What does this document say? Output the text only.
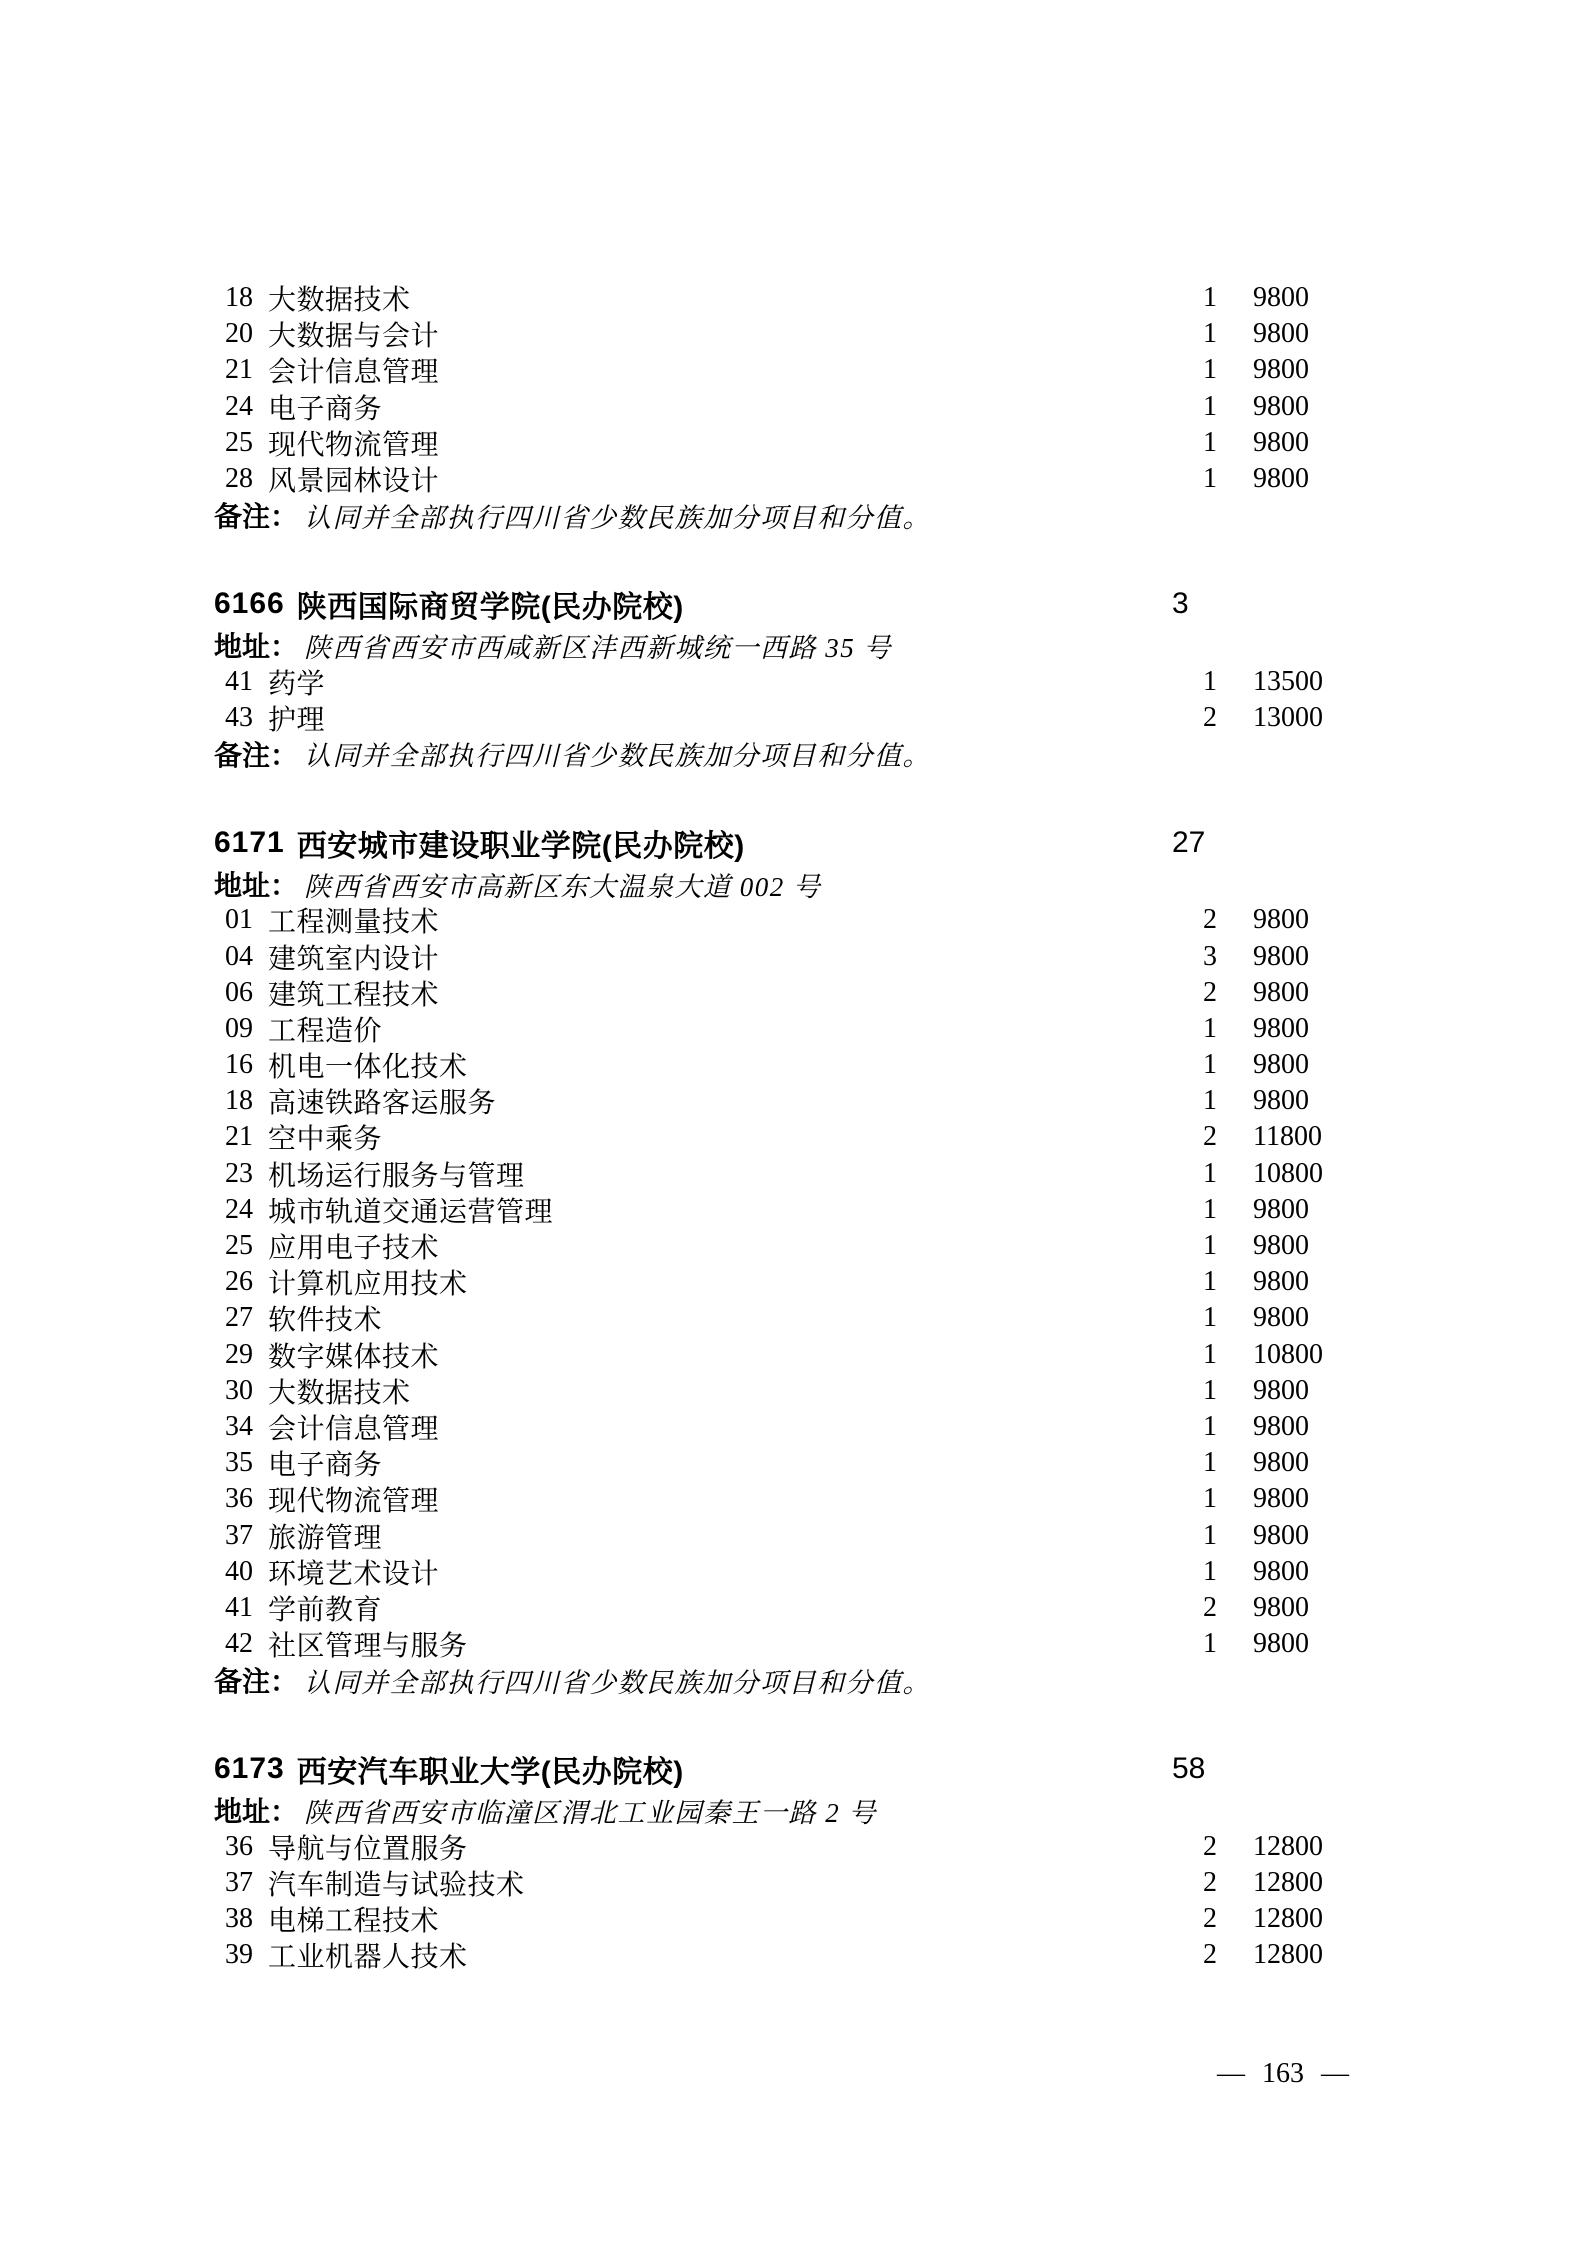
18 大数据技术	1 9800
20 大数据与会计	1 9800
21 会计信息管理	1 9800
24 电子商务	1 9800
25 现代物流管理	1 9800
28 风景园林设计	1 9800
备注： 认同并全部执行四川省少数民族加分项目和分值。
6166 陕西国际商贸学院(民办院校)	3
地址： 陕西省西安市西咸新区沣西新城统一西路 35 号
41 药学	1 13500
43 护理	2 13000
备注： 认同并全部执行四川省少数民族加分项目和分值。
6171 西安城市建设职业学院(民办院校)	27
地址： 陕西省西安市高新区东大温泉大道 002 号
01 工程测量技术	2 9800
04 建筑室内设计	3 9800
06 建筑工程技术	2 9800
09 工程造价	1 9800
16 机电一体化技术	1 9800
18 高速铁路客运服务	1 9800
21 空中乘务	2 11800
23 机场运行服务与管理	1 10800
24 城市轨道交通运营管理	1 9800
25 应用电子技术	1 9800
26 计算机应用技术	1 9800
27 软件技术	1 9800
29 数字媒体技术	1 10800
30 大数据技术	1 9800
34 会计信息管理	1 9800
35 电子商务	1 9800
36 现代物流管理	1 9800
37 旅游管理	1 9800
40 环境艺术设计	1 9800
41 学前教育	2 9800
42 社区管理与服务	1 9800
备注： 认同并全部执行四川省少数民族加分项目和分值。
6173 西安汽车职业大学(民办院校)	58
地址： 陕西省西安市临潼区渭北工业园秦王一路 2 号
36 导航与位置服务	2 12800
37 汽车制造与试验技术	2 12800
38 电梯工程技术	2 12800
39 工业机器人技术	2 12800
— 163 —
